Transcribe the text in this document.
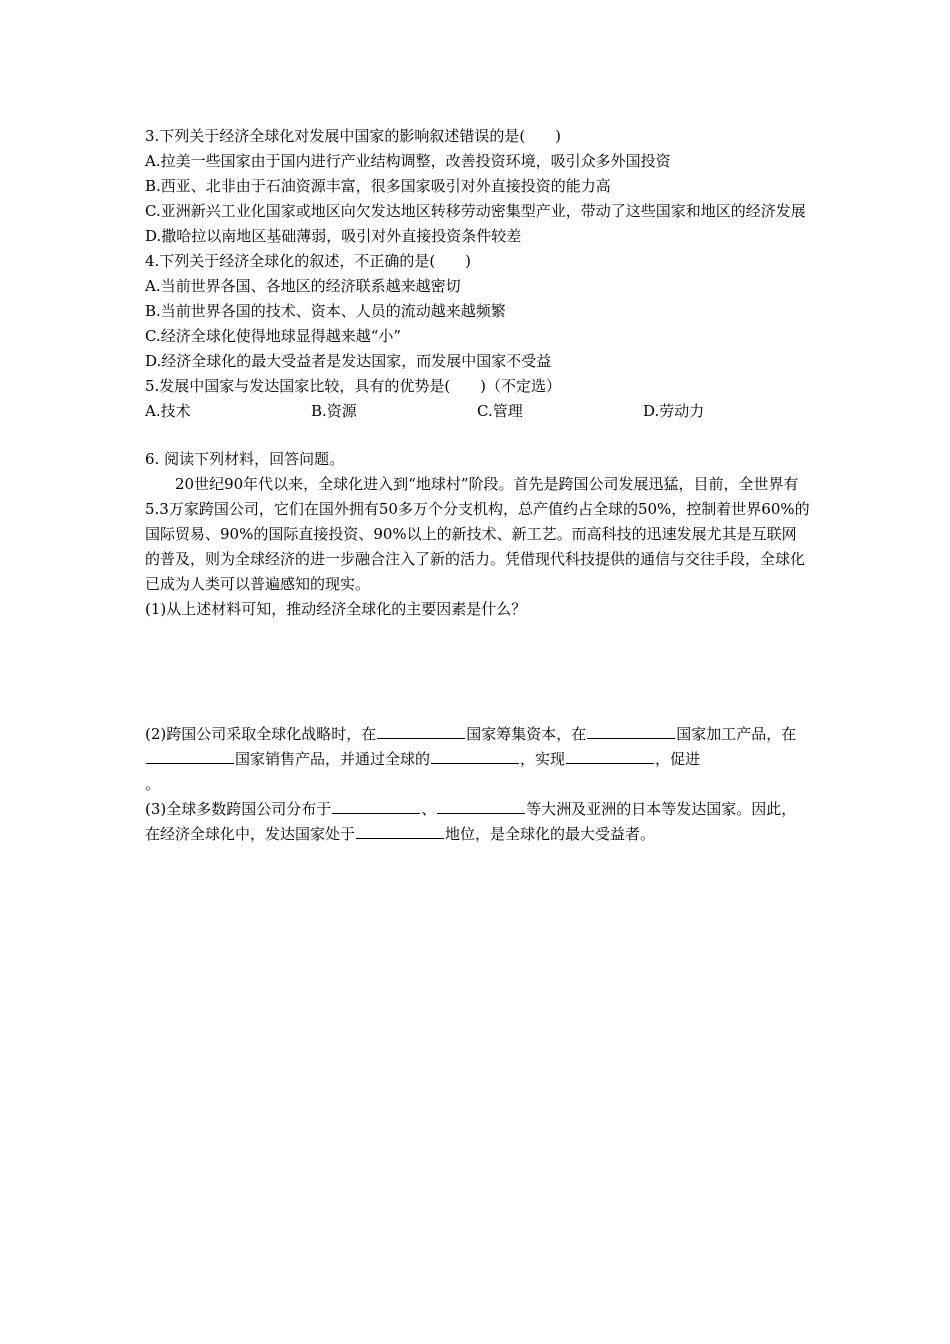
3.下列关于经济全球化对发展中国家的影响叙述错误的是(　　)
A.拉美一些国家由于国内进行产业结构调整，改善投资环境，吸引众多外国投资
B.西亚、北非由于石油资源丰富，很多国家吸引对外直接投资的能力高
C.亚洲新兴工业化国家或地区向欠发达地区转移劳动密集型产业，带动了这些国家和地区的经济发展
D.撒哈拉以南地区基础薄弱，吸引对外直接投资条件较差
4.下列关于经济全球化的叙述，不正确的是(　　)
A.当前世界各国、各地区的经济联系越来越密切
B.当前世界各国的技术、资本、人员的流动越来越频繁
C.经济全球化使得地球显得越来越“小”
D.经济全球化的最大受益者是发达国家，而发展中国家不受益
5.发展中国家与发达国家比较，具有的优势是(　　)（不定选）
A.技术	B.资源	C.管理	D.劳动力
6. 阅读下列材料，回答问题。
20世纪90年代以来，全球化进入到“地球村”阶段。首先是跨国公司发展迅猛，目前，全世界有5.3万家跨国公司，它们在国外拥有50多万个分支机构，总产值约占全球的50%，控制着世界60%的国际贸易、90%的国际直接投资、90%以上的新技术、新工艺。而高科技的迅速发展尤其是互联网的普及，则为全球经济的进一步融合注入了新的活力。凭借现代科技提供的通信与交往手段，全球化已成为人类可以普遍感知的现实。
(1)从上述材料可知，推动经济全球化的主要因素是什么？
(2)跨国公司采取全球化战略时，在	国家筹集资本，在	国家加工产品，在国家销售产品，并通过全球的	，实现	，促进
。
(3)全球多数跨国公司分布于	、	等大洲及亚洲的日本等发达国家。因此，在经济全球化中，发达国家处于	地位，是全球化的最大受益者。
